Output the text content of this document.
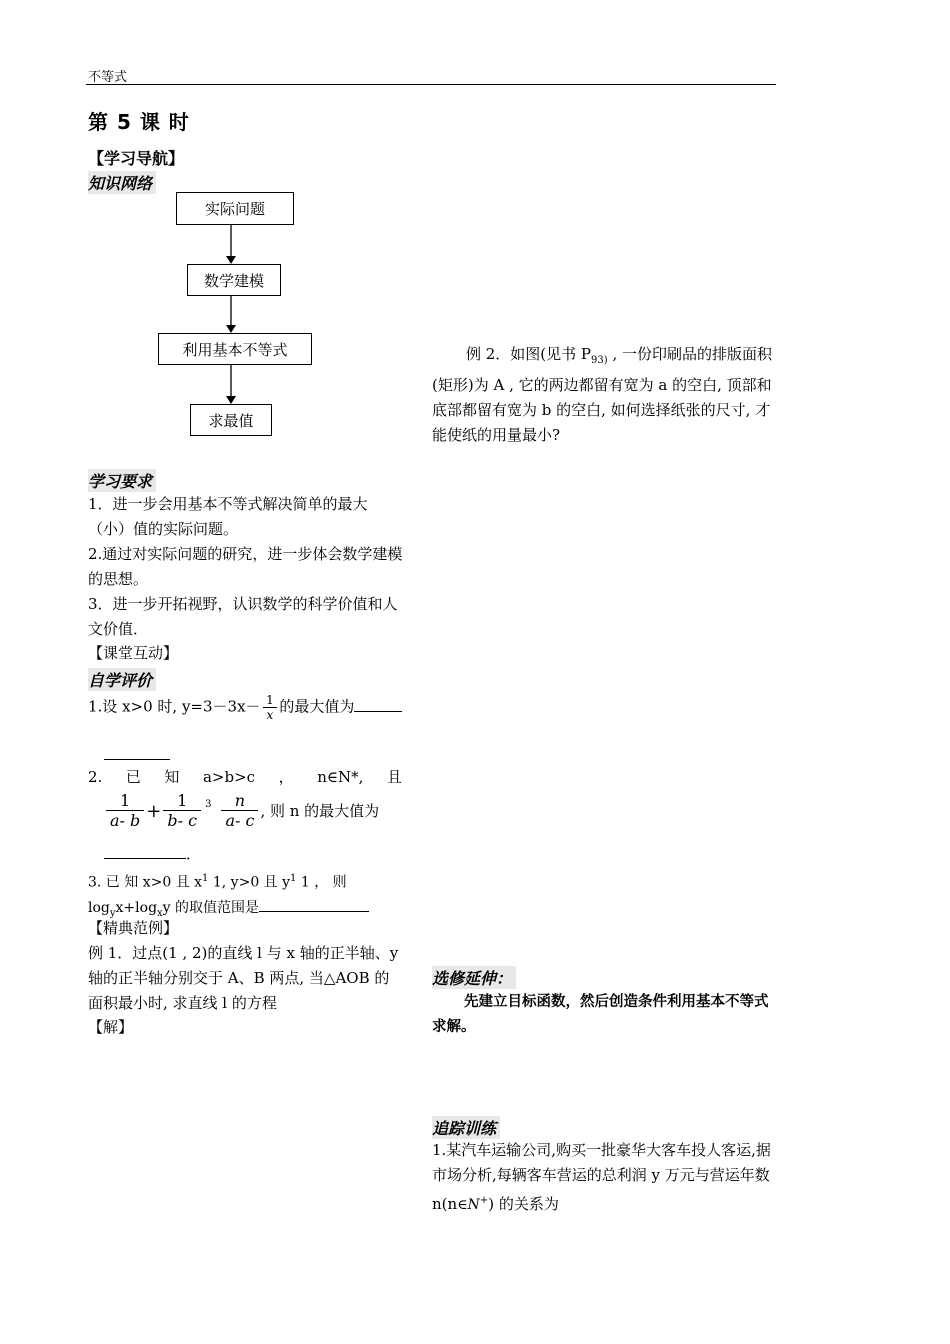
不等式
第 5 课 时
【学习导航】
知识网络
实际问题
数学建模
利用基本不等式
求最值
学习要求
1．进一步会用基本不等式解决简单的最大（小）值的实际问题。
2.通过对实际问题的研究，进一步体会数学建模的思想。
3．进一步开拓视野，认识数学的科学价值和人文价值．
【课堂互动】
自学评价
1.设 x>0 时, $y=3-3x- \frac{1}{x}$ 的最大值为
2. 已 知 a>b>c ， n∈N*, 且
$\frac{1}{a- b} + \frac{1}{b- c} 3 \frac{n}{a- c}$ , 则 n 的最大值为
．
3. 已 知 x>0 且 $x^1$ 1, y>0 且 $y^1$ 1 ， 则
$\log_yx+\log_xy$ 的取值范围是
【精典范例】
例 1．过点(1 , 2)的直线 l 与 x 轴的正半轴、y 轴的正半轴分别交于 A、B 两点, 当△AOB 的面积最小时, 求直线 l 的方程
【解】
例 2．如图(见书 $P_{93)}$ , 一份印刷品的排版面积(矩形)为 A , 它的两边都留有宽为 a 的空白, 顶部和底部都留有宽为 b 的空白, 如何选择纸张的尺寸, 才能使纸的用量最小?
选修延伸：
先建立目标函数，然后创造条件利用基本不等式求解。
追踪训练
1.某汽车运输公司,购买一批豪华大客车投人客运,据市场分析,每辆客车营运的总利润 y 万元与营运年数 n(n∈N+) 的关系为
